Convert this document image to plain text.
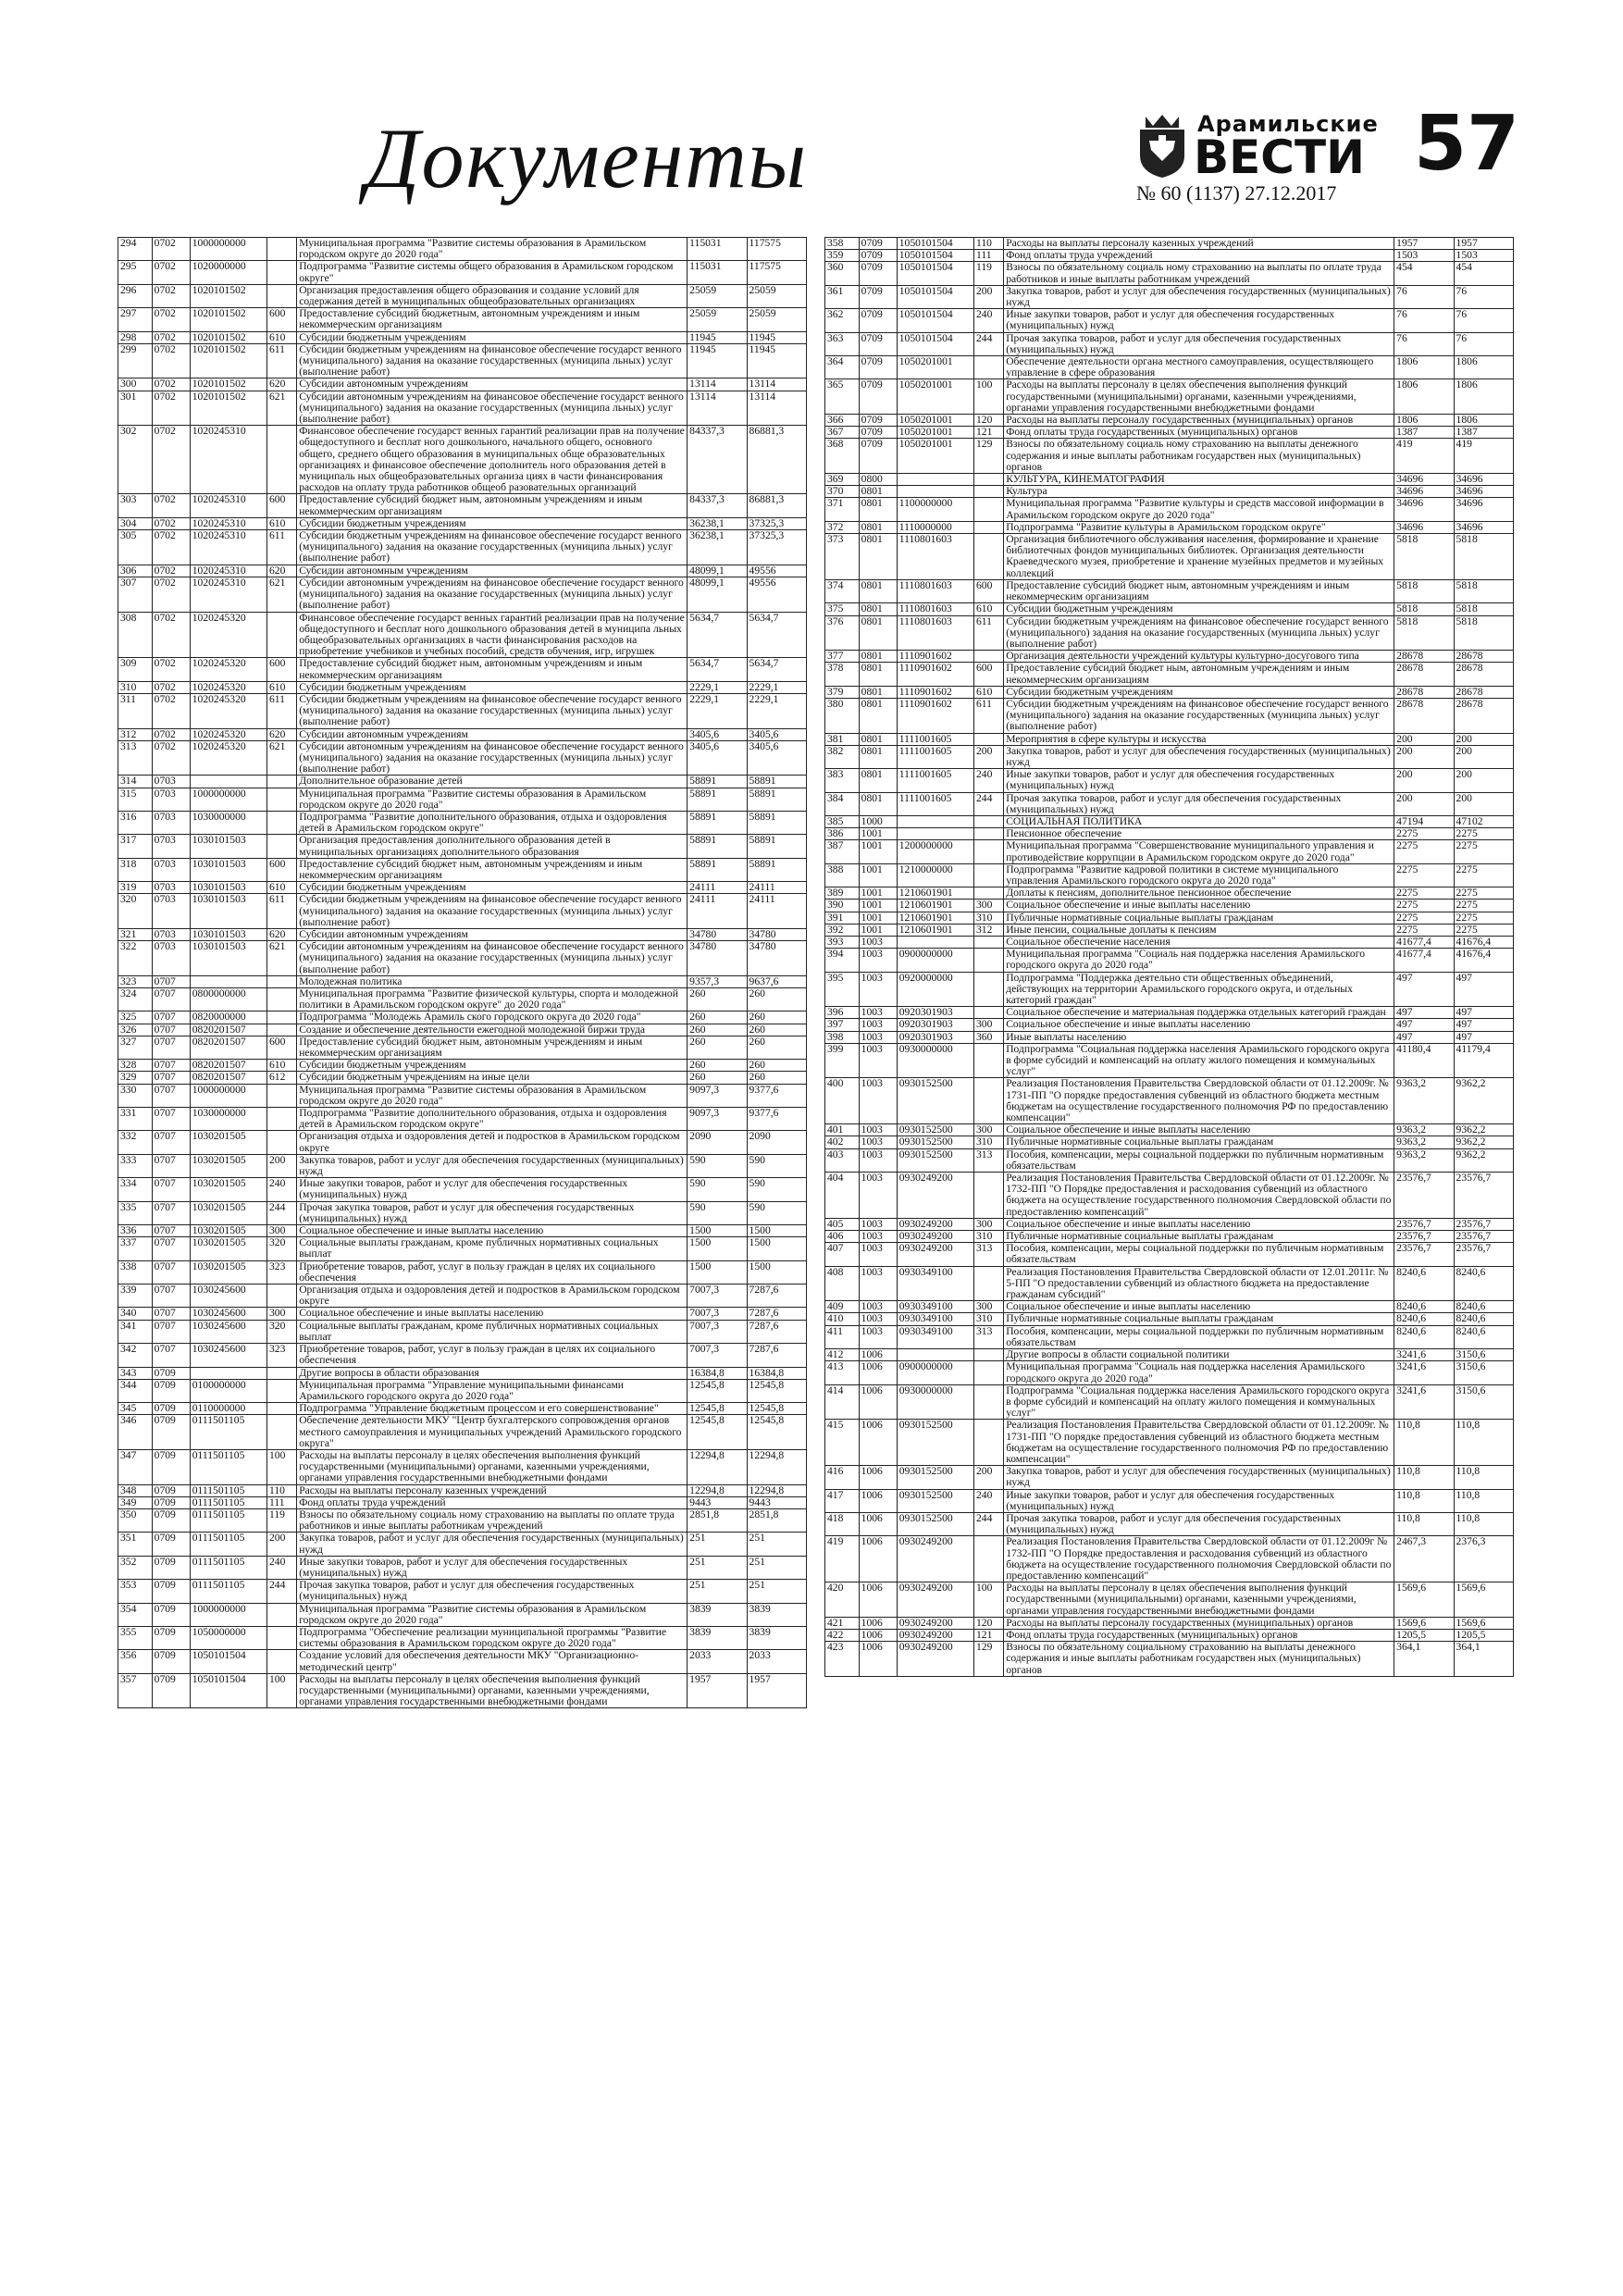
Документы	Арамильские
ВЕСТИ
№ 60 (1137) 27.12.2017
57
294	0702	1000000000		Муниципальная программа "Развитие системы образования в Арамильском городском округе до 2020 года"	115031	117575
295	0702	1020000000		Подпрограмма "Развитие системы общего образования в Арамильском городском округе"	115031	117575
296	0702	1020101502		Организация предоставления общего образования и создание условий для содержания детей в муниципальных общеобразовательных организациях	25059	25059
297	0702	1020101502	600	Предоставление субсидий бюджетным, автономным учреждениям и иным некоммерческим организациям	25059	25059
298	0702	1020101502	610	Субсидии бюджетным учреждениям	11945	11945
299	0702	1020101502	611	Субсидии бюджетным учреждениям на финансовое обеспечение государст венного (муниципального) задания на оказание государственных (муниципа льных) услуг (выполнение работ)	11945	11945
300	0702	1020101502	620	Субсидии автономным учреждениям	13114	13114
301	0702	1020101502	621	Субсидии автономным учреждениям на финансовое обеспечение государст венного (муниципального) задания на оказание государственных (муниципа льных) услуг (выполнение работ)	13114	13114
302	0702	1020245310		Финансовое обеспечение государст венных гарантий реализации прав на получение общедоступного и бесплат ного дошкольного, начального общего, основного общего, среднего общего образования в муниципальных обще образовательных организациях и финансовое обеспечение дополнитель ного образования детей в муниципаль ных общеобразовательных организа циях в части финансирования расходов на оплату труда работников общеоб разовательных организаций	84337,3	86881,3
303	0702	1020245310	600	Предоставление субсидий бюджет ным, автономным учреждениям и иным некоммерческим организациям	84337,3	86881,3
304	0702	1020245310	610	Субсидии бюджетным учреждениям	36238,1	37325,3
305	0702	1020245310	611	Субсидии бюджетным учреждениям на финансовое обеспечение государст венного (муниципального) задания на оказание государственных (муниципа льных) услуг (выполнение работ)	36238,1	37325,3
306	0702	1020245310	620	Субсидии автономным учреждениям	48099,1	49556
307	0702	1020245310	621	Субсидии автономным учреждениям на финансовое обеспечение государст венного (муниципального) задания на оказание государственных (муниципа льных) услуг (выполнение работ)	48099,1	49556
308	0702	1020245320		Финансовое обеспечение государст венных гарантий реализации прав на получение общедоступного и бесплат ного дошкольного образования детей в муниципа льных общеобразовательных организациях в части финансирования расходов на приобретение учебников и учебных пособий, средств обучения, игр, игрушек	5634,7	5634,7
309	0702	1020245320	600	Предоставление субсидий бюджет ным, автономным учреждениям и иным некоммерческим организациям	5634,7	5634,7
310	0702	1020245320	610	Субсидии бюджетным учреждениям	2229,1	2229,1
311	0702	1020245320	611	Субсидии бюджетным учреждениям на финансовое обеспечение государст венного (муниципального) задания на оказание государственных (муниципа льных) услуг (выполнение работ)	2229,1	2229,1
312	0702	1020245320	620	Субсидии автономным учреждениям	3405,6	3405,6
313	0702	1020245320	621	Субсидии автономным учреждениям на финансовое обеспечение государст венного (муниципального) задания на оказание государственных (муниципа льных) услуг (выполнение работ)	3405,6	3405,6
314	0703			Дополнительное образование детей	58891	58891
315	0703	1000000000		Муниципальная программа "Развитие системы образования в Арамильском городском округе до 2020 года"	58891	58891
316	0703	1030000000		Подпрограмма "Развитие дополнительного образования, отдыха и оздоровления детей в Арамильском городском округе"	58891	58891
317	0703	1030101503		Организация предоставления дополнительного образования детей в муниципальных организациях дополнительного образования	58891	58891
318	0703	1030101503	600	Предоставление субсидий бюджет ным, автономным учреждениям и иным некоммерческим организациям	58891	58891
319	0703	1030101503	610	Субсидии бюджетным учреждениям	24111	24111
320	0703	1030101503	611	Субсидии бюджетным учреждениям на финансовое обеспечение государст венного (муниципального) задания на оказание государственных (муниципа льных) услуг (выполнение работ)	24111	24111
321	0703	1030101503	620	Субсидии автономным учреждениям	34780	34780
322	0703	1030101503	621	Субсидии автономным учреждениям на финансовое обеспечение государст венного (муниципального) задания на оказание государственных (муниципа льных) услуг (выполнение работ)	34780	34780
323	0707			Молодежная политика	9357,3	9637,6
324	0707	0800000000		Муниципальная программа "Развитие физической культуры, спорта и молодежной политики в Арамильском городском округе" до 2020 года"	260	260
325	0707	0820000000		Подпрограмма "Молодежь Арамиль ского городского округа до 2020 года"	260	260
326	0707	0820201507		Создание и обеспечение деятельности ежегодной молодежной биржи труда	260	260
327	0707	0820201507	600	Предоставление субсидий бюджет ным, автономным учреждениям и иным некоммерческим организациям	260	260
328	0707	0820201507	610	Субсидии бюджетным учреждениям	260	260
329	0707	0820201507	612	Субсидии бюджетным учреждениям на иные цели	260	260
330	0707	1000000000		Муниципальная программа "Развитие системы образования в Арамильском городском округе до 2020 года"	9097,3	9377,6
331	0707	1030000000		Подпрограмма "Развитие дополнительного образования, отдыха и оздоровления детей в Арамильском городском округе"	9097,3	9377,6
332	0707	1030201505		Организация отдыха и оздоровления детей и подростков в Арамильском городском округе	2090	2090
333	0707	1030201505	200	Закупка товаров, работ и услуг для обеспечения государственных (муниципальных) нужд	590	590
334	0707	1030201505	240	Иные закупки товаров, работ и услуг для обеспечения государственных (муниципальных) нужд	590	590
335	0707	1030201505	244	Прочая закупка товаров, работ и услуг для обеспечения государственных (муниципальных) нужд	590	590
336	0707	1030201505	300	Социальное обеспечение и иные выплаты населению	1500	1500
337	0707	1030201505	320	Социальные выплаты гражданам, кроме публичных нормативных социальных выплат	1500	1500
338	0707	1030201505	323	Приобретение товаров, работ, услуг в пользу граждан в целях их социального обеспечения	1500	1500
339	0707	1030245600		Организация отдыха и оздоровления детей и подростков в Арамильском городском округе	7007,3	7287,6
340	0707	1030245600	300	Социальное обеспечение и иные выплаты населению	7007,3	7287,6
341	0707	1030245600	320	Социальные выплаты гражданам, кроме публичных нормативных социальных выплат	7007,3	7287,6
342	0707	1030245600	323	Приобретение товаров, работ, услуг в пользу граждан в целях их социального обеспечения	7007,3	7287,6
343	0709			Другие вопросы в области образования	16384,8	16384,8
344	0709	0100000000		Муниципальная программа "Управление муниципальными финансами Арамильского городского округа до 2020 года"	12545,8	12545,8
345	0709	0110000000		Подпрограмма "Управление бюджетным процессом и его совершенствование"	12545,8	12545,8
346	0709	0111501105		Обеспечение деятельности МКУ "Центр бухгалтерского сопровождения органов местного самоуправления и муниципальных учреждений Арамильского городского округа"	12545,8	12545,8
347	0709	0111501105	100	Расходы на выплаты персоналу в целях обеспечения выполнения функций государственными (муниципальными) органами, казенными учреждениями, органами управления государственными внебюджетными фондами	12294,8	12294,8
348	0709	0111501105	110	Расходы на выплаты персоналу казенных учреждений	12294,8	12294,8
349	0709	0111501105	111	Фонд оплаты труда учреждений	9443	9443
350	0709	0111501105	119	Взносы по обязательному социаль ному страхованию на выплаты по оплате труда работников и иные выплаты работникам учреждений	2851,8	2851,8
351	0709	0111501105	200	Закупка товаров, работ и услуг для обеспечения государственных (муниципальных) нужд	251	251
352	0709	0111501105	240	Иные закупки товаров, работ и услуг для обеспечения государственных (муниципальных) нужд	251	251
353	0709	0111501105	244	Прочая закупка товаров, работ и услуг для обеспечения государственных (муниципальных) нужд	251	251
354	0709	1000000000		Муниципальная программа "Развитие системы образования в Арамильском городском округе до 2020 года"	3839	3839
355	0709	1050000000		Подпрограмма "Обеспечение реализации муниципальной программы "Развитие системы образования в Арамильском городском округе до 2020 года"	3839	3839
356	0709	1050101504		Создание условий для обеспечения деятельности МКУ "Организационно-методический центр"	2033	2033
357	0709	1050101504	100	Расходы на выплаты персоналу в целях обеспечения выполнения функций государственными (муниципальными) органами, казенными учреждениями, органами управления государственными внебюджетными фондами	1957	1957
358	0709	1050101504	110	Расходы на выплаты персоналу казенных учреждений	1957	1957
359	0709	1050101504	111	Фонд оплаты труда учреждений	1503	1503
360	0709	1050101504	119	Взносы по обязательному социаль ному страхованию на выплаты по оплате труда работников и иные выплаты работникам учреждений	454	454
361	0709	1050101504	200	Закупка товаров, работ и услуг для обеспечения государственных (муниципальных) нужд	76	76
362	0709	1050101504	240	Иные закупки товаров, работ и услуг для обеспечения государственных (муниципальных) нужд	76	76
363	0709	1050101504	244	Прочая закупка товаров, работ и услуг для обеспечения государственных (муниципальных) нужд	76	76
364	0709	1050201001		Обеспечение деятельности органа местного самоуправления, осуществляющего управление в сфере образования	1806	1806
365	0709	1050201001	100	Расходы на выплаты персоналу в целях обеспечения выполнения функций государственными (муниципальными) органами, казенными учреждениями, органами управления государственными внебюджетными фондами	1806	1806
366	0709	1050201001	120	Расходы на выплаты персоналу государственных (муниципальных) органов	1806	1806
367	0709	1050201001	121	Фонд оплаты труда государственных (муниципальных) органов	1387	1387
368	0709	1050201001	129	Взносы по обязательному социаль ному страхованию на выплаты денежного содержания и иные выплаты работникам государствен ных (муниципальных) органов	419	419
369	0800			КУЛЬТУРА, КИНЕМАТОГРАФИЯ	34696	34696
370	0801			Культура	34696	34696
371	0801	1100000000		Муниципальная программа "Развитие культуры и средств массовой информации в Арамильском городском округе до 2020 года"	34696	34696
372	0801	1110000000		Подпрограмма "Развитие культуры в Арамильском городском округе"	34696	34696
373	0801	1110801603		Организация библиотечного обслуживания населения, формирование и хранение библиотечных фондов муниципальных библиотек. Организация деятельности Краеведческого музея, приобретение и хранение музейных предметов и музейных коллекций	5818	5818
374	0801	1110801603	600	Предоставление субсидий бюджет ным, автономным учреждениям и иным некоммерческим организациям	5818	5818
375	0801	1110801603	610	Субсидии бюджетным учреждениям	5818	5818
376	0801	1110801603	611	Субсидии бюджетным учреждениям на финансовое обеспечение государст венного (муниципального) задания на оказание государственных (муниципа льных) услуг (выполнение работ)	5818	5818
377	0801	1110901602		Организация деятельности учреждений культуры культурно-досугового типа	28678	28678
378	0801	1110901602	600	Предоставление субсидий бюджет ным, автономным учреждениям и иным некоммерческим организациям	28678	28678
379	0801	1110901602	610	Субсидии бюджетным учреждениям	28678	28678
380	0801	1110901602	611	Субсидии бюджетным учреждениям на финансовое обеспечение государст венного (муниципального) задания на оказание государственных (муниципа льных) услуг (выполнение работ)	28678	28678
381	0801	1111001605		Мероприятия в сфере культуры и искусства	200	200
382	0801	1111001605	200	Закупка товаров, работ и услуг для обеспечения государственных (муниципальных) нужд	200	200
383	0801	1111001605	240	Иные закупки товаров, работ и услуг для обеспечения государственных (муниципальных) нужд	200	200
384	0801	1111001605	244	Прочая закупка товаров, работ и услуг для обеспечения государственных (муниципальных) нужд	200	200
385	1000			СОЦИАЛЬНАЯ ПОЛИТИКА	47194	47102
386	1001			Пенсионное обеспечение	2275	2275
387	1001	1200000000		Муниципальная программа "Совершенствование муниципального управления и противодействие коррупции в Арамильском городском округе до 2020 года"	2275	2275
388	1001	1210000000		Подпрограмма "Развитие кадровой политики в системе муниципального управления Арамильского городского округа до 2020 года"	2275	2275
389	1001	1210601901		Доплаты к пенсиям, дополнительное пенсионное обеспечение	2275	2275
390	1001	1210601901	300	Социальное обеспечение и иные выплаты населению	2275	2275
391	1001	1210601901	310	Публичные нормативные социальные выплаты гражданам	2275	2275
392	1001	1210601901	312	Иные пенсии, социальные доплаты к пенсиям	2275	2275
393	1003			Социальное обеспечение населения	41677,4	41676,4
394	1003	0900000000		Муниципальная программа "Социаль ная поддержка населения Арамильского городского округа до 2020 года"	41677,4	41676,4
395	1003	0920000000		Подпрограмма "Поддержка деятельно сти общественных объединений, действующих на территории Арамильского городского округа, и отдельных категорий граждан"	497	497
396	1003	0920301903		Социальное обеспечение и материальная поддержка отдельных категорий граждан	497	497
397	1003	0920301903	300	Социальное обеспечение и иные выплаты населению	497	497
398	1003	0920301903	360	Иные выплаты населению	497	497
399	1003	0930000000		Подпрограмма "Социальная поддержка населения Арамильского городского округа в форме субсидий и компенсаций на оплату жилого помещения и коммунальных услуг"	41180,4	41179,4
400	1003	0930152500		Реализация Постановления Правительства Свердловской области от 01.12.2009г. № 1731-ПП "О порядке предоставления субвенций из областного бюджета местным бюджетам на осуществление государственного полномочия РФ по предоставлению компенсации"	9363,2	9362,2
401	1003	0930152500	300	Социальное обеспечение и иные выплаты населению	9363,2	9362,2
402	1003	0930152500	310	Публичные нормативные социальные выплаты гражданам	9363,2	9362,2
403	1003	0930152500	313	Пособия, компенсации, меры социальной поддержки по публичным нормативным обязательствам	9363,2	9362,2
404	1003	0930249200		Реализация Постановления Правительства Свердловской области от 01.12.2009г. № 1732-ПП "О Порядке предоставления и расходования субвенций из областного бюджета на осуществление государственного полномочия Свердловской области по предоставлению компенсаций"	23576,7	23576,7
405	1003	0930249200	300	Социальное обеспечение и иные выплаты населению	23576,7	23576,7
406	1003	0930249200	310	Публичные нормативные социальные выплаты гражданам	23576,7	23576,7
407	1003	0930249200	313	Пособия, компенсации, меры социальной поддержки по публичным нормативным обязательствам	23576,7	23576,7
408	1003	0930349100		Реализация Постановления Правительства Свердловской области от 12.01.2011г. № 5-ПП "О предоставлении субвенций из областного бюджета на предоставление гражданам субсидий"	8240,6	8240,6
409	1003	0930349100	300	Социальное обеспечение и иные выплаты населению	8240,6	8240,6
410	1003	0930349100	310	Публичные нормативные социальные выплаты гражданам	8240,6	8240,6
411	1003	0930349100	313	Пособия, компенсации, меры социальной поддержки по публичным нормативным обязательствам	8240,6	8240,6
412	1006			Другие вопросы в области социальной политики	3241,6	3150,6
413	1006	0900000000		Муниципальная программа "Социаль ная поддержка населения Арамильского городского округа до 2020 года"	3241,6	3150,6
414	1006	0930000000		Подпрограмма "Социальная поддержка населения Арамильского городского округа в форме субсидий и компенсаций на оплату жилого помещения и коммунальных услуг"	3241,6	3150,6
415	1006	0930152500		Реализация Постановления Правительства Свердловской области от 01.12.2009г. № 1731-ПП "О порядке предоставления субвенций из областного бюджета местным бюджетам на осуществление государственного полномочия РФ по предоставлению компенсации"	110,8	110,8
416	1006	0930152500	200	Закупка товаров, работ и услуг для обеспечения государственных (муниципальных) нужд	110,8	110,8
417	1006	0930152500	240	Иные закупки товаров, работ и услуг для обеспечения государственных (муниципальных) нужд	110,8	110,8
418	1006	0930152500	244	Прочая закупка товаров, работ и услуг для обеспечения государственных (муниципальных) нужд	110,8	110,8
419	1006	0930249200		Реализация Постановления Правительства Свердловской области от 01.12.2009г № 1732-ПП "О Порядке предоставления и расходования субвенций из областного бюджета на осуществление государственного полномочия Свердловской области по предоставлению компенсаций"	2467,3	2376,3
420	1006	0930249200	100	Расходы на выплаты персоналу в целях обеспечения выполнения функций государственными (муниципальными) органами, казенными учреждениями, органами управления государственными внебюджетными фондами	1569,6	1569,6
421	1006	0930249200	120	Расходы на выплаты персоналу государственных (муниципальных) органов	1569,6	1569,6
422	1006	0930249200	121	Фонд оплаты труда государственных (муниципальных) органов	1205,5	1205,5
423	1006	0930249200	129	Взносы по обязательному социальному страхованию на выплаты денежного содержания и иные выплаты работникам государствен ных (муниципальных) органов	364,1	364,1
